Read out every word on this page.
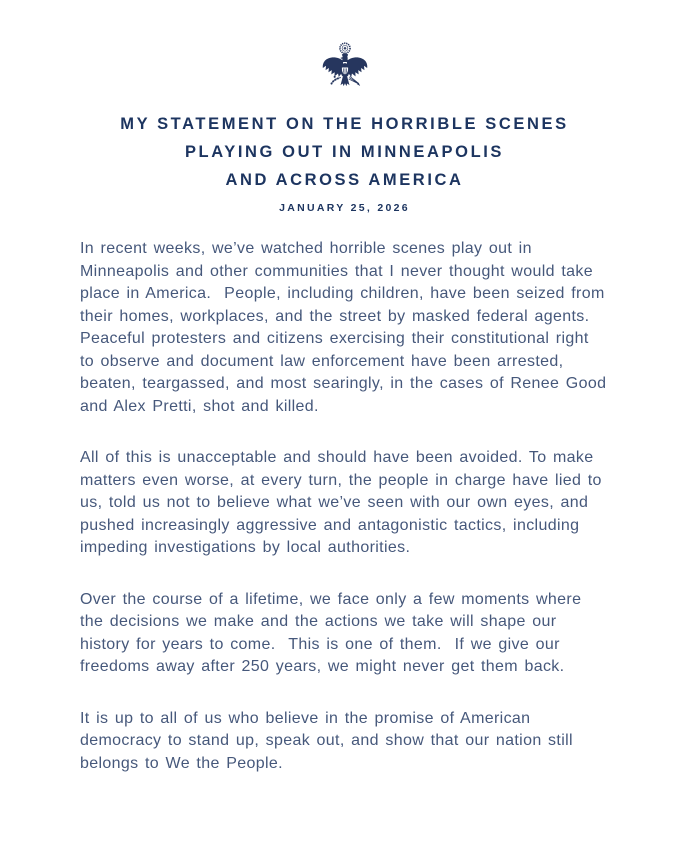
MY STATEMENT ON THE HORRIBLE SCENES
PLAYING OUT IN MINNEAPOLIS
AND ACROSS AMERICA
JANUARY 25, 2026

In recent weeks, we’ve watched horrible scenes play out in Minneapolis and other communities that I never thought would take place in America.  People, including children, have been seized from their homes, workplaces, and the street by masked federal agents.  Peaceful protesters and citizens exercising their constitutional right to observe and document law enforcement have been arrested, beaten, teargassed, and most searingly, in the cases of Renee Good and Alex Pretti, shot and killed.

All of this is unacceptable and should have been avoided. To make matters even worse, at every turn, the people in charge have lied to us, told us not to believe what we’ve seen with our own eyes, and pushed increasingly aggressive and antagonistic tactics, including impeding investigations by local authorities.

Over the course of a lifetime, we face only a few moments where the decisions we make and the actions we take will shape our history for years to come.  This is one of them.  If we give our freedoms away after 250 years, we might never get them back.

It is up to all of us who believe in the promise of American democracy to stand up, speak out, and show that our nation still belongs to We the People.
